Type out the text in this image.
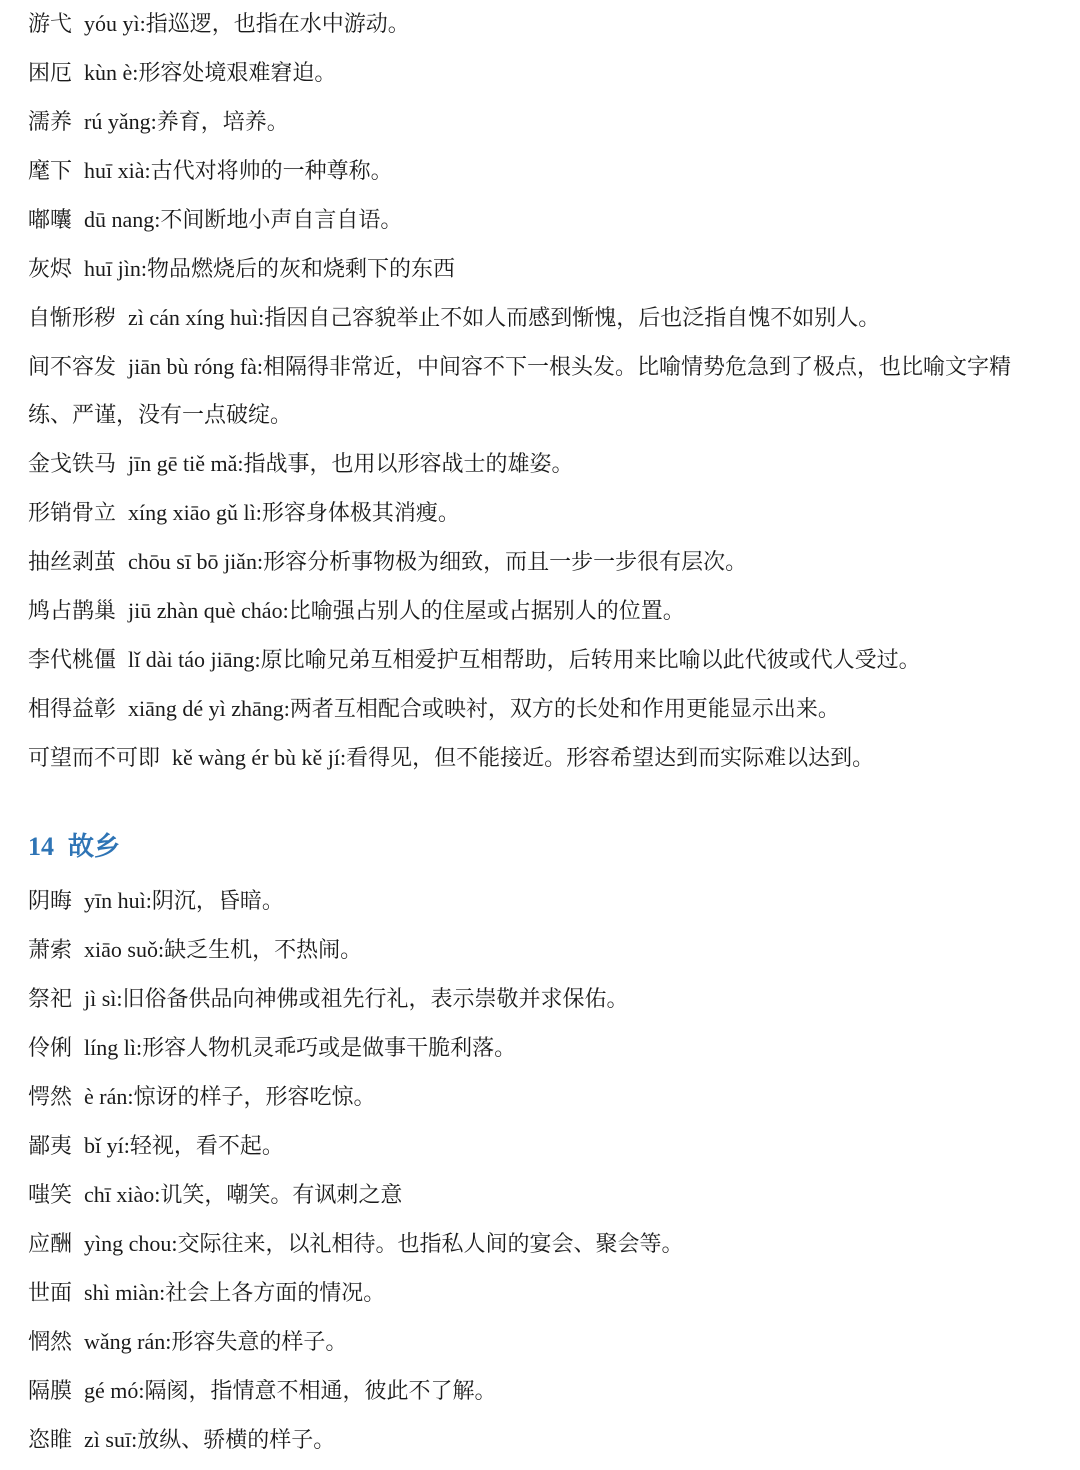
游弋 yóu yì:指巡逻，也指在水中游动。
困厄 kùn è:形容处境艰难窘迫。
濡养 rú yǎng:养育，培养。
麾下 huī xià:古代对将帅的一种尊称。
嘟囔 dū nang:不间断地小声自言自语。
灰烬 huī jìn:物品燃烧后的灰和烧剩下的东西
自惭形秽 zì cán xíng huì:指因自己容貌举止不如人而感到惭愧，后也泛指自愧不如别人。
间不容发 jiān bù róng fà:相隔得非常近，中间容不下一根头发。比喻情势危急到了极点，也比喻文字精练、严谨，没有一点破绽。
金戈铁马 jīn gē tiě mǎ:指战事，也用以形容战士的雄姿。
形销骨立 xíng xiāo gǔ lì:形容身体极其消瘦。
抽丝剥茧 chōu sī bō jiǎn:形容分析事物极为细致，而且一步一步很有层次。
鸠占鹊巢 jiū zhàn què cháo:比喻强占别人的住屋或占据别人的位置。
李代桃僵 lǐ dài táo jiāng:原比喻兄弟互相爱护互相帮助，后转用来比喻以此代彼或代人受过。
相得益彰 xiāng dé yì zhāng:两者互相配合或映衬，双方的长处和作用更能显示出来。
可望而不可即 kě wàng ér bù kě jí:看得见，但不能接近。形容希望达到而实际难以达到。
14 故乡
阴晦 yīn huì:阴沉，昏暗。
萧索 xiāo suǒ:缺乏生机，不热闹。
祭祀 jì sì:旧俗备供品向神佛或祖先行礼，表示崇敬并求保佑。
伶俐 líng lì:形容人物机灵乖巧或是做事干脆利落。
愕然 è rán:惊讶的样子，形容吃惊。
鄙夷 bǐ yí:轻视，看不起。
嗤笑 chī xiào:讥笑，嘲笑。有讽刺之意
应酬 yìng chou:交际往来，以礼相待。也指私人间的宴会、聚会等。
世面 shì miàn:社会上各方面的情况。
惘然 wǎng rán:形容失意的样子。
隔膜 gé mó:隔阂，指情意不相通，彼此不了解。
恣睢 zì suī:放纵、骄横的样子。
